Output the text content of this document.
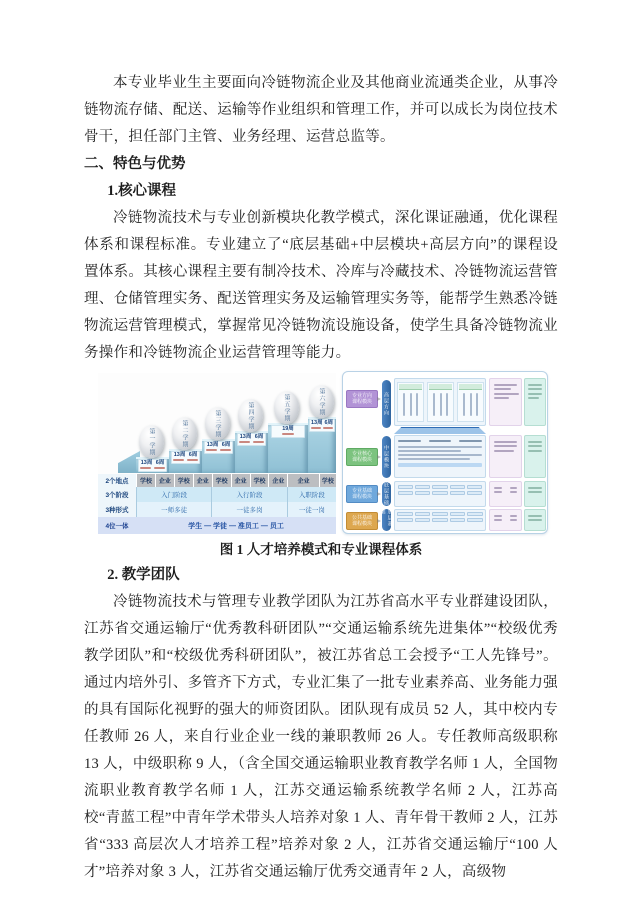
本专业毕业生主要面向冷链物流企业及其他商业流通类企业，从事冷链物流存储、配送、运输等作业组织和管理工作，并可以成长为岗位技术骨干，担任部门主管、业务经理、运营总监等。

二、特色与优势
1.核心课程

冷链物流技术与专业创新模块化教学模式，深化课证融通，优化课程体系和课程标准。专业建立了“底层基础+中层模块+高层方向”的课程设置体系。其核心课程主要有制冷技术、冷库与冷藏技术、冷链物流运营管理、仓储管理实务、配送管理实务及运输管理实务等，能帮学生熟悉冷链物流运营管理模式，掌握常见冷链物流设施设备，使学生具备冷链物流业务操作和冷链物流企业运营管理等能力。

第一学期	第二学期	第三学期	第四学期	第五学期	第六学期
13周 6周
13周 6周
13周 6周
13周 6周
19周
13周 6周
2个地点	学校	企业	学校	企业	学校	企业	学校	企业	企业	学校
3个阶段	入门阶段	入行阶段	入职阶段
3种形式	一师多徒	一徒多岗	一徒一岗
4位一体	学生 — 学徒 — 准员工 — 员工
专业方向
课程模块
专业核心
课程模块
专业基础
课程模块
公共基础
课程模块
高层方向
中层模块
底层基础
底层基础
图 1 人才培养模式和专业课程体系
2. 教学团队

冷链物流技术与管理专业教学团队为江苏省高水平专业群建设团队，江苏省交通运输厅“优秀教科研团队”“交通运输系统先进集体”“校级优秀教学团队”和“校级优秀科研团队”，被江苏省总工会授予“工人先锋号”。通过内培外引、多管齐下方式，专业汇集了一批专业素养高、业务能力强的具有国际化视野的强大的师资团队。团队现有成员 52 人，其中校内专任教师 26 人，来自行业企业一线的兼职教师 26 人。专任教师高级职称 13 人，中级职称 9 人，（含全国交通运输职业教育教学名师 1 人，全国物流职业教育教学名师 1 人，江苏交通运输系统教学名师 2 人，江苏高校“青蓝工程”中青年学术带头人培养对象 1 人、青年骨干教师 2 人，江苏省“333 高层次人才培养工程”培养对象 2 人，江苏省交通运输厅“100 人才”培养对象 3 人，江苏省交通运输厅优秀交通青年 2 人，高级物
